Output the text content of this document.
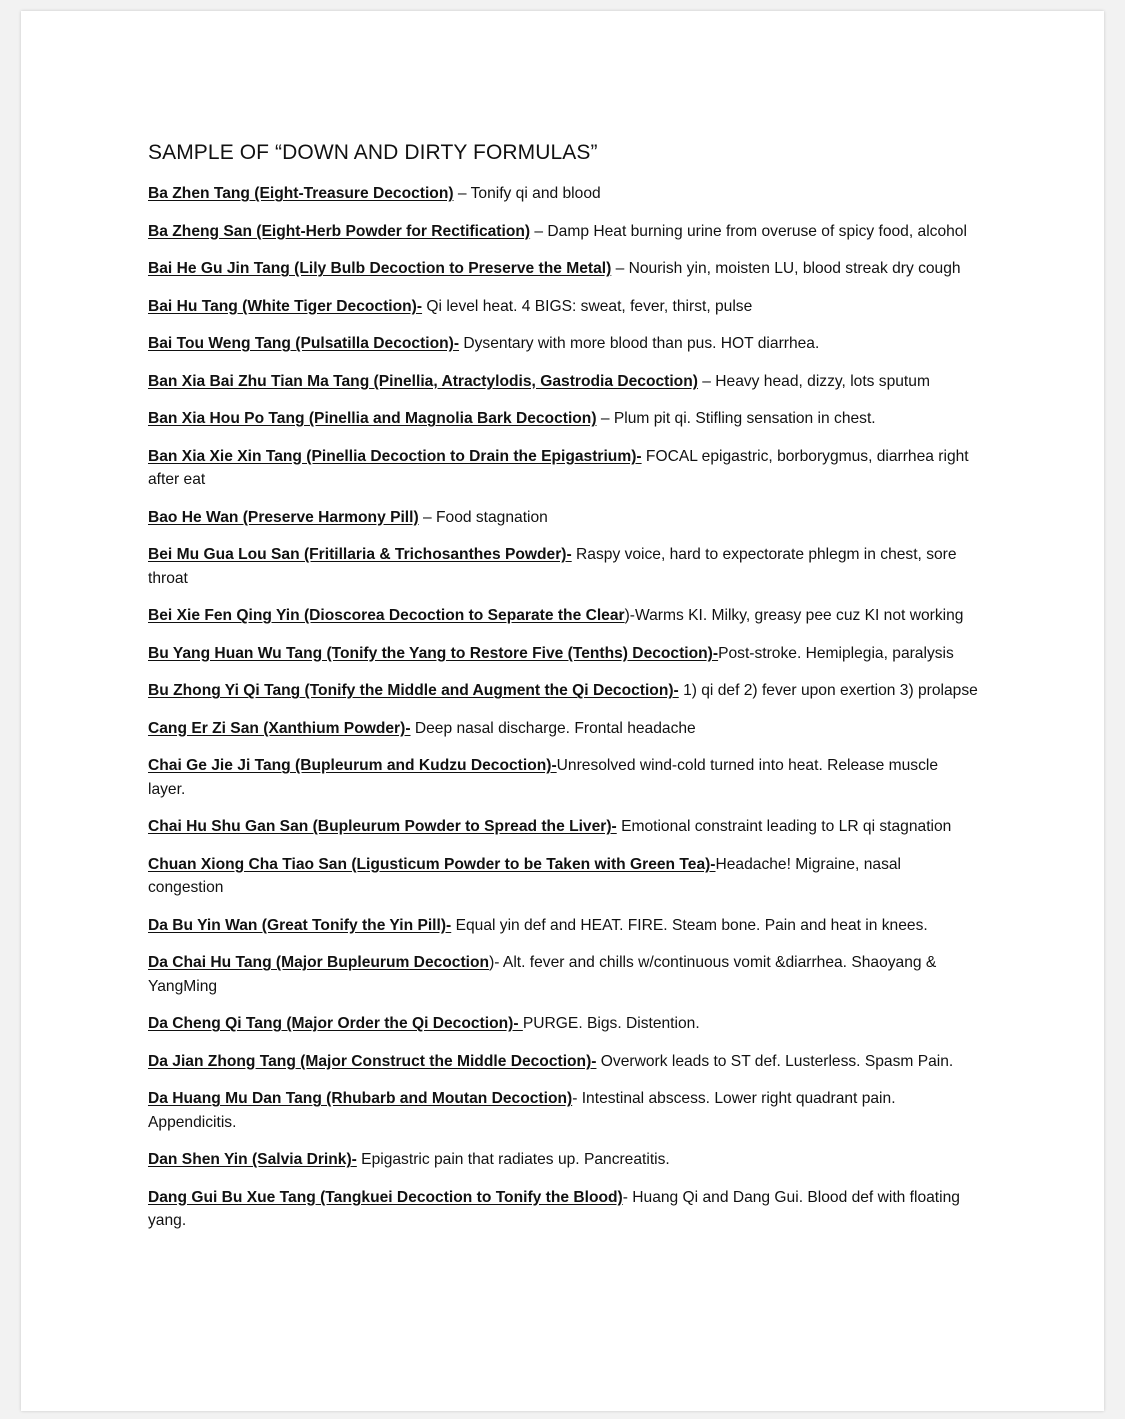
SAMPLE OF “DOWN AND DIRTY FORMULAS”

Ba Zhen Tang (Eight-Treasure Decoction) – Tonify qi and blood

Ba Zheng San (Eight-Herb Powder for Rectification) – Damp Heat burning urine from overuse of spicy food, alcohol

Bai He Gu Jin Tang (Lily Bulb Decoction to Preserve the Metal) – Nourish yin, moisten LU, blood streak dry cough

Bai Hu Tang (White Tiger Decoction)- Qi level heat. 4 BIGS: sweat, fever, thirst, pulse

Bai Tou Weng Tang (Pulsatilla Decoction)- Dysentary with more blood than pus. HOT diarrhea.

Ban Xia Bai Zhu Tian Ma Tang (Pinellia, Atractylodis, Gastrodia Decoction) – Heavy head, dizzy, lots sputum

Ban Xia Hou Po Tang (Pinellia and Magnolia Bark Decoction) – Plum pit qi. Stifling sensation in chest.

Ban Xia Xie Xin Tang (Pinellia Decoction to Drain the Epigastrium)- FOCAL epigastric, borborygmus, diarrhea right after eat

Bao He Wan (Preserve Harmony Pill) – Food stagnation

Bei Mu Gua Lou San (Fritillaria & Trichosanthes Powder)- Raspy voice, hard to expectorate phlegm in chest, sore throat

Bei Xie Fen Qing Yin (Dioscorea Decoction to Separate the Clear)-Warms KI. Milky, greasy pee cuz KI not working

Bu Yang Huan Wu Tang (Tonify the Yang to Restore Five (Tenths) Decoction)-Post-stroke. Hemiplegia, paralysis

Bu Zhong Yi Qi Tang (Tonify the Middle and Augment the Qi Decoction)- 1) qi def 2) fever upon exertion 3) prolapse

Cang Er Zi San (Xanthium Powder)- Deep nasal discharge. Frontal headache

Chai Ge Jie Ji Tang (Bupleurum and Kudzu Decoction)-Unresolved wind-cold turned into heat. Release muscle layer.

Chai Hu Shu Gan San (Bupleurum Powder to Spread the Liver)- Emotional constraint leading to LR qi stagnation

Chuan Xiong Cha Tiao San (Ligusticum Powder to be Taken with Green Tea)-Headache! Migraine, nasal congestion

Da Bu Yin Wan (Great Tonify the Yin Pill)- Equal yin def and HEAT. FIRE. Steam bone. Pain and heat in knees.

Da Chai Hu Tang (Major Bupleurum Decoction)- Alt. fever and chills w/continuous vomit &diarrhea. Shaoyang & YangMing

Da Cheng Qi Tang (Major Order the Qi Decoction)- PURGE. Bigs. Distention.

Da Jian Zhong Tang (Major Construct the Middle Decoction)- Overwork leads to ST def. Lusterless. Spasm Pain.

Da Huang Mu Dan Tang (Rhubarb and Moutan Decoction)- Intestinal abscess. Lower right quadrant pain. Appendicitis.

Dan Shen Yin (Salvia Drink)- Epigastric pain that radiates up. Pancreatitis.

Dang Gui Bu Xue Tang (Tangkuei Decoction to Tonify the Blood)- Huang Qi and Dang Gui. Blood def with floating yang.
